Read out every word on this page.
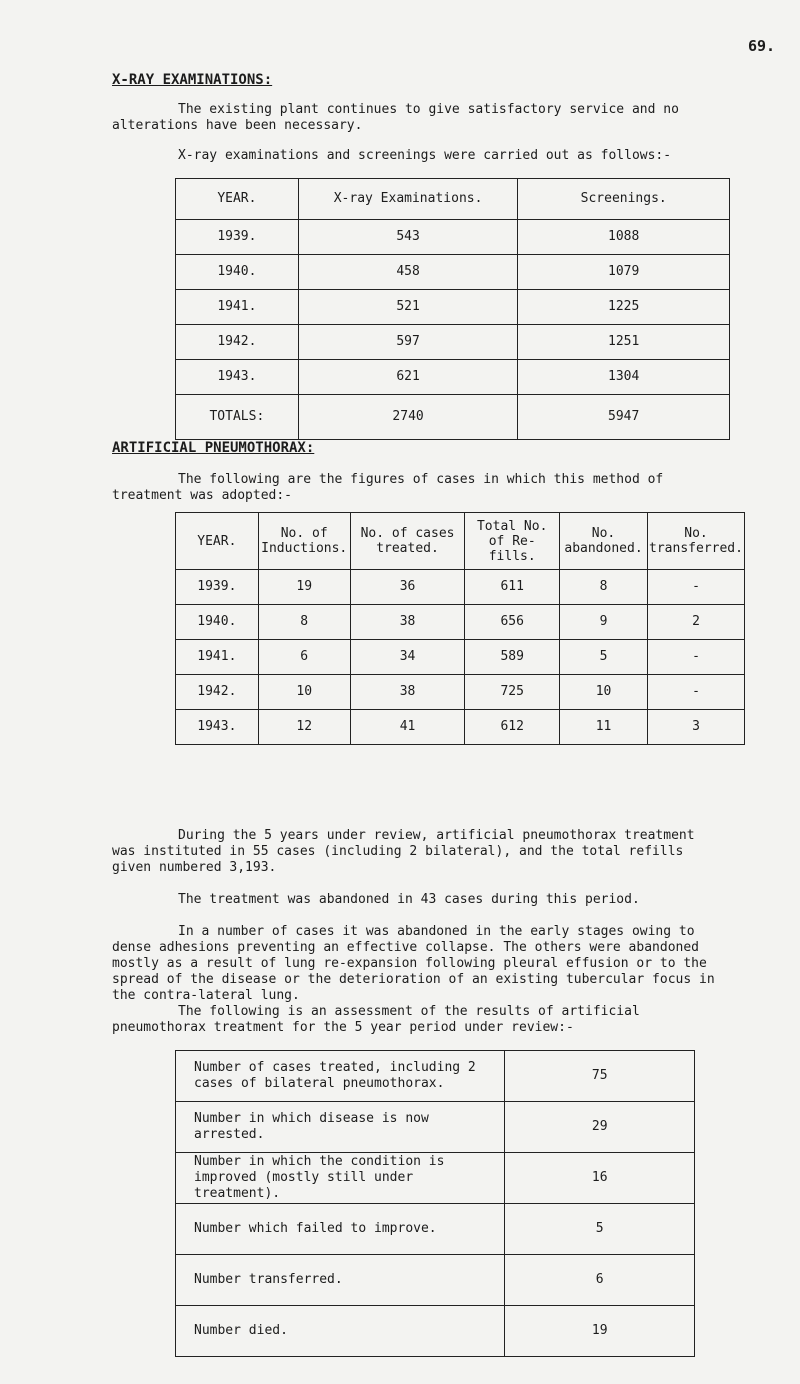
69.
X-RAY EXAMINATIONS:
The existing plant continues to give satisfactory service and no alterations have been necessary.
X-ray examinations and screenings were carried out as follows:-
YEAR.	X-ray Examinations.	Screenings.
1939.	543	1088
1940.	458	1079
1941.	521	1225
1942.	597	1251
1943.	621	1304
TOTALS:	2740	5947
ARTIFICIAL PNEUMOTHORAX:
The following are the figures of cases in which this method of treatment was adopted:-
YEAR.	No. of Inductions.	No. of cases treated.	Total No. of Re-fills.	No. abandoned.	No. transferred.
1939.	19	36	611	8	-
1940.	8	38	656	9	2
1941.	6	34	589	5	-
1942.	10	38	725	10	-
1943.	12	41	612	11	3
During the 5 years under review, artificial pneumothorax treatment was instituted in 55 cases (including 2 bilateral), and the total refills given numbered 3,193.
The treatment was abandoned in 43 cases during this period.
In a number of cases it was abandoned in the early stages owing to dense adhesions preventing an effective collapse. The others were abandoned mostly as a result of lung re-expansion following pleural effusion or to the spread of the disease or the deterioration of an existing tubercular focus in the contra-lateral lung.
The following is an assessment of the results of artificial pneumothorax treatment for the 5 year period under review:-
Number of cases treated, including 2 cases of bilateral pneumothorax.	75
Number in which disease is now arrested.	29
Number in which the condition is improved (mostly still under treatment).	16
Number which failed to improve.	5
Number transferred.	6
Number died.	19
